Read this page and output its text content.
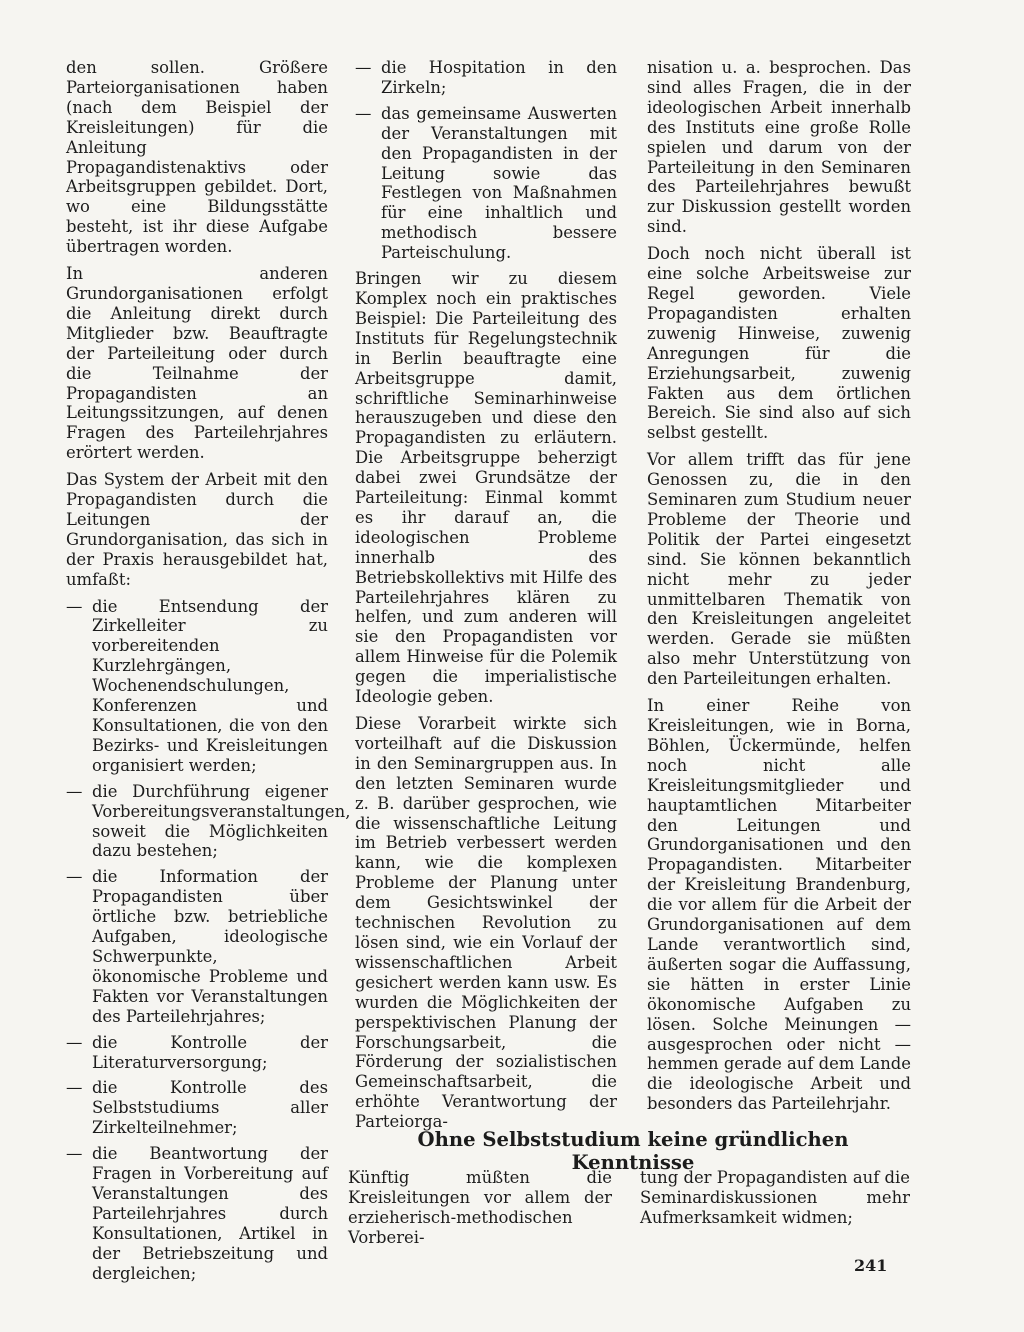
den sollen. Größere Parteiorganisationen haben (nach dem Beispiel der Kreisleitungen) für die Anleitung Propagandistenaktivs oder Arbeitsgruppen gebildet. Dort, wo eine Bildungsstätte besteht, ist ihr diese Aufgabe übertragen worden.

In anderen Grundorganisationen erfolgt die Anleitung direkt durch Mitglieder bzw. Beauftragte der Parteileitung oder durch die Teilnahme der Propagandisten an Leitungssitzungen, auf denen Fragen des Parteilehrjahres erörtert werden.

Das System der Arbeit mit den Propagandisten durch die Leitungen der Grundorganisation, das sich in der Praxis herausgebildet hat, umfaßt:

— die Entsendung der Zirkelleiter zu vorbereitenden Kurzlehrgängen, Wochenendschulungen, Konferenzen und Konsultationen, die von den Bezirks- und Kreisleitungen organisiert werden;
— die Durchführung eigener Vorbereitungsveranstaltungen, soweit die Möglichkeiten dazu bestehen;
— die Information der Propagandisten über örtliche bzw. betriebliche Aufgaben, ideologische Schwerpunkte, ökonomische Probleme und Fakten vor Veranstaltungen des Parteilehrjahres;
— die Kontrolle der Literaturversorgung;
— die Kontrolle des Selbststudiums aller Zirkelteilnehmer;
— die Beantwortung der Fragen in Vorbereitung auf Veranstaltungen des Parteilehrjahres durch Konsultationen, Artikel in der Betriebszeitung und dergleichen;
— die Hospitation in den Zirkeln;
— das gemeinsame Auswerten der Veranstaltungen mit den Propagandisten in der Leitung sowie das Festlegen von Maßnahmen für eine inhaltlich und methodisch bessere Parteischulung.

Bringen wir zu diesem Komplex noch ein praktisches Beispiel: Die Parteileitung des Instituts für Regelungstechnik in Berlin beauftragte eine Arbeitsgruppe damit, schriftliche Seminarhinweise herauszugeben und diese den Propagandisten zu erläutern. Die Arbeitsgruppe beherzigt dabei zwei Grundsätze der Parteileitung: Einmal kommt es ihr darauf an, die ideologischen Probleme innerhalb des Betriebskollektivs mit Hilfe des Parteilehrjahres klären zu helfen, und zum anderen will sie den Propagandisten vor allem Hinweise für die Polemik gegen die imperialistische Ideologie geben.

Diese Vorarbeit wirkte sich vorteilhaft auf die Diskussion in den Seminargruppen aus. In den letzten Seminaren wurde z. B. darüber gesprochen, wie die wissenschaftliche Leitung im Betrieb verbessert werden kann, wie die komplexen Probleme der Planung unter dem Gesichtswinkel der technischen Revolution zu lösen sind, wie ein Vorlauf der wissenschaftlichen Arbeit gesichert werden kann usw. Es wurden die Möglichkeiten der perspektivischen Planung der Forschungsarbeit, die Förderung der sozialistischen Gemeinschaftsarbeit, die erhöhte Verantwortung der Parteiorga-

nisation u. a. besprochen. Das sind alles Fragen, die in der ideologischen Arbeit innerhalb des Instituts eine große Rolle spielen und darum von der Parteileitung in den Seminaren des Parteilehrjahres bewußt zur Diskussion gestellt worden sind.

Doch noch nicht überall ist eine solche Arbeitsweise zur Regel geworden. Viele Propagandisten erhalten zuwenig Hinweise, zuwenig Anregungen für die Erziehungsarbeit, zuwenig Fakten aus dem örtlichen Bereich. Sie sind also auf sich selbst gestellt.

Vor allem trifft das für jene Genossen zu, die in den Seminaren zum Studium neuer Probleme der Theorie und Politik der Partei eingesetzt sind. Sie können bekanntlich nicht mehr zu jeder unmittelbaren Thematik von den Kreisleitungen angeleitet werden. Gerade sie müßten also mehr Unterstützung von den Parteileitungen erhalten.

In einer Reihe von Kreisleitungen, wie in Borna, Böhlen, Ückermünde, helfen noch nicht alle Kreisleitungsmitglieder und hauptamtlichen Mitarbeiter den Leitungen und Grundorganisationen und den Propagandisten. Mitarbeiter der Kreisleitung Brandenburg, die vor allem für die Arbeit der Grundorganisationen auf dem Lande verantwortlich sind, äußerten sogar die Auffassung, sie hätten in erster Linie ökonomische Aufgaben zu lösen. Solche Meinungen — ausgesprochen oder nicht — hemmen gerade auf dem Lande die ideologische Arbeit und besonders das Parteilehrjahr.

Ohne Selbststudium keine gründlichen Kenntnisse
Künftig müßten die Kreisleitungen vor allem der erzieherisch-methodischen Vorberei-
tung der Propagandisten auf die Seminardiskussionen mehr Aufmerksamkeit widmen;
241
